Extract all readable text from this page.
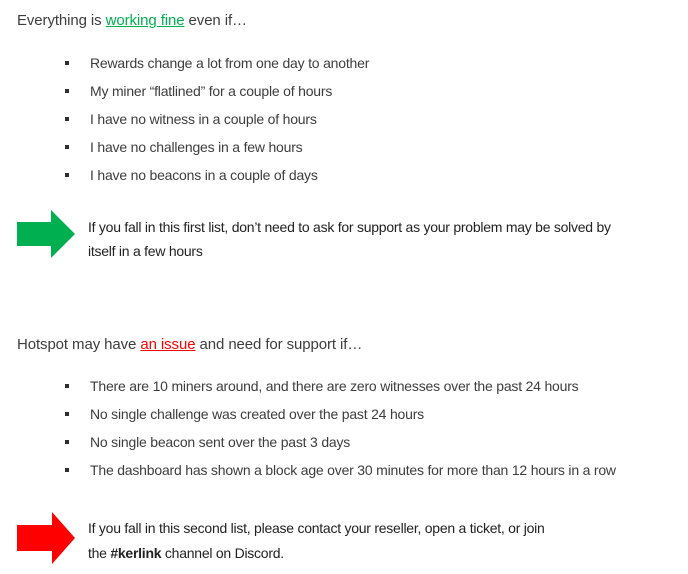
Everything is working fine even if…
Rewards change a lot from one day to another
My miner “flatlined” for a couple of hours
I have no witness in a couple of hours
I have no challenges in a few hours
I have no beacons in a couple of days
If you fall in this first list, don’t need to ask for support as your problem may be solved by
itself in a few hours
Hotspot may have an issue and need for support if…
There are 10 miners around, and there are zero witnesses over the past 24 hours
No single challenge was created over the past 24 hours
No single beacon sent over the past 3 days
The dashboard has shown a block age over 30 minutes for more than 12 hours in a row
If you fall in this second list, please contact your reseller, open a ticket, or join
the #kerlink channel on Discord.
